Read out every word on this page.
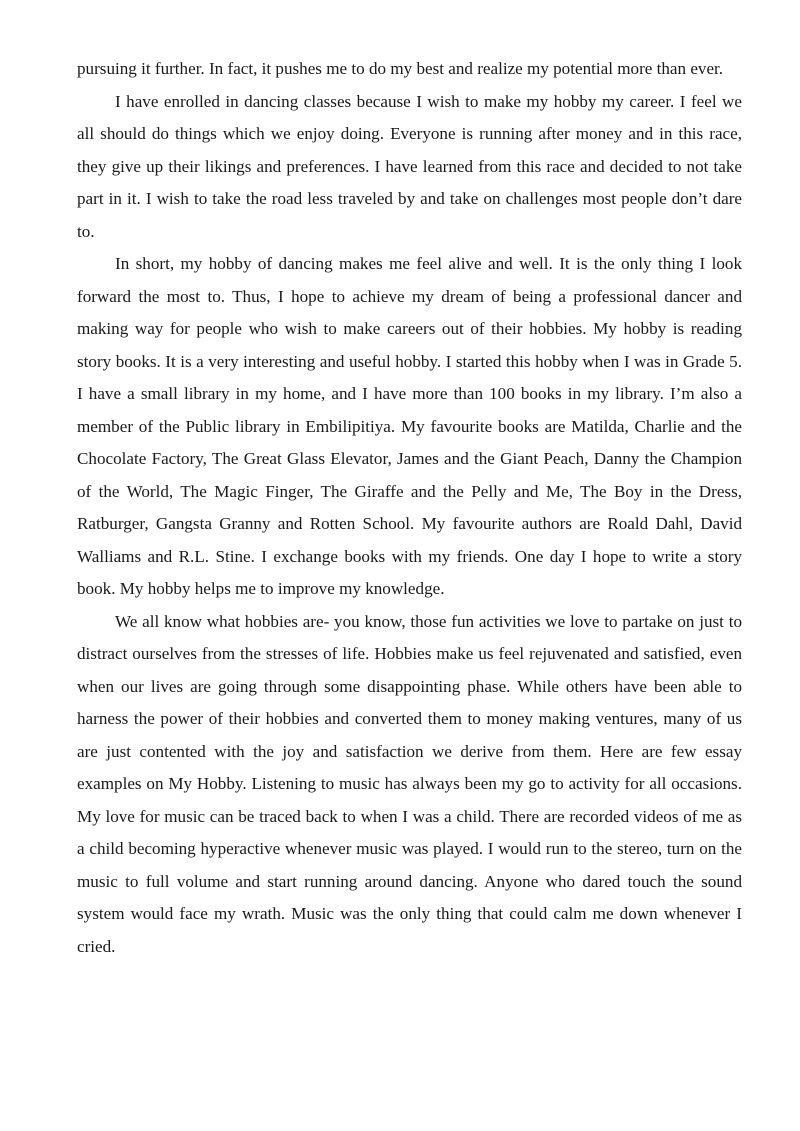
pursuing it further. In fact, it pushes me to do my best and realize my potential more than ever.

I have enrolled in dancing classes because I wish to make my hobby my career. I feel we all should do things which we enjoy doing. Everyone is running after money and in this race, they give up their likings and preferences. I have learned from this race and decided to not take part in it. I wish to take the road less traveled by and take on challenges most people don’t dare to.

In short, my hobby of dancing makes me feel alive and well. It is the only thing I look forward the most to. Thus, I hope to achieve my dream of being a professional dancer and making way for people who wish to make careers out of their hobbies. My hobby is reading story books. It is a very interesting and useful hobby. I started this hobby when I was in Grade 5. I have a small library in my home, and I have more than 100 books in my library. I’m also a member of the Public library in Embilipitiya. My favourite books are Matilda, Charlie and the Chocolate Factory, The Great Glass Elevator, James and the Giant Peach, Danny the Champion of the World, The Magic Finger, The Giraffe and the Pelly and Me, The Boy in the Dress, Ratburger, Gangsta Granny and Rotten School. My favourite authors are Roald Dahl, David Walliams and R.L. Stine. I exchange books with my friends. One day I hope to write a story book. My hobby helps me to improve my knowledge.

We all know what hobbies are- you know, those fun activities we love to partake on just to distract ourselves from the stresses of life. Hobbies make us feel rejuvenated and satisfied, even when our lives are going through some disappointing phase. While others have been able to harness the power of their hobbies and converted them to money making ventures, many of us are just contented with the joy and satisfaction we derive from them. Here are few essay examples on My Hobby. Listening to music has always been my go to activity for all occasions. My love for music can be traced back to when I was a child. There are recorded videos of me as a child becoming hyperactive whenever music was played. I would run to the stereo, turn on the music to full volume and start running around dancing. Anyone who dared touch the sound system would face my wrath. Music was the only thing that could calm me down whenever I cried.
